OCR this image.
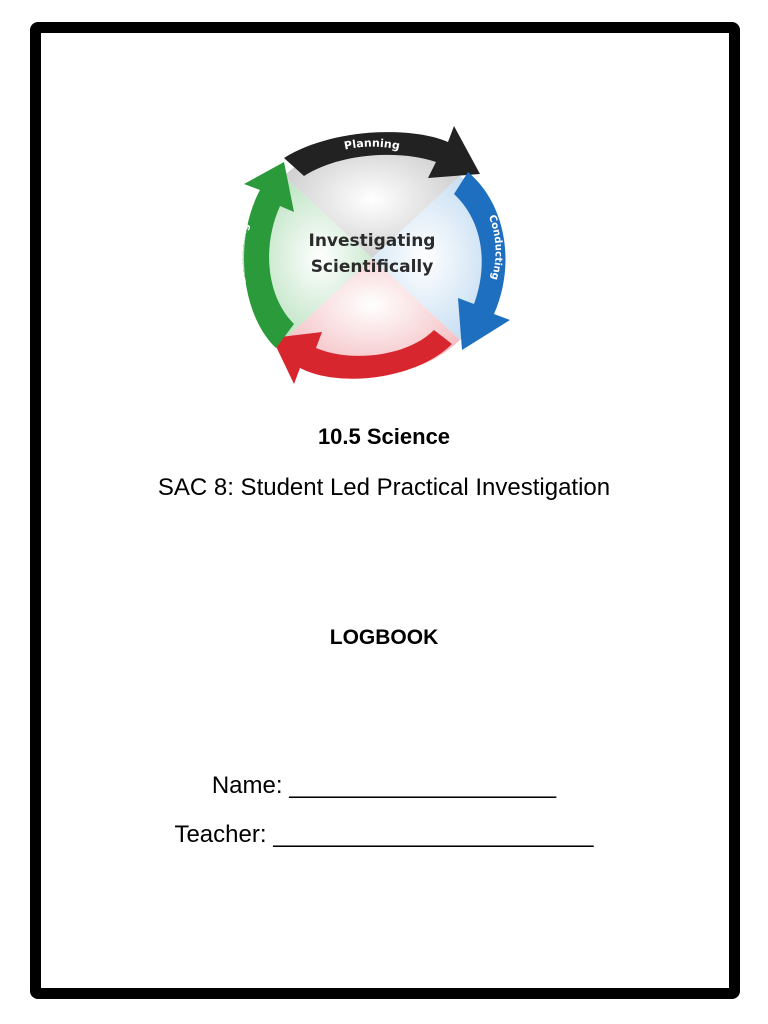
Planning
Conducting
Processing
Evaluating
Investigating
Scientifically
10.5 Science
SAC 8: Student Led Practical Investigation
LOGBOOK
Name: ____________________
Teacher: ________________________
